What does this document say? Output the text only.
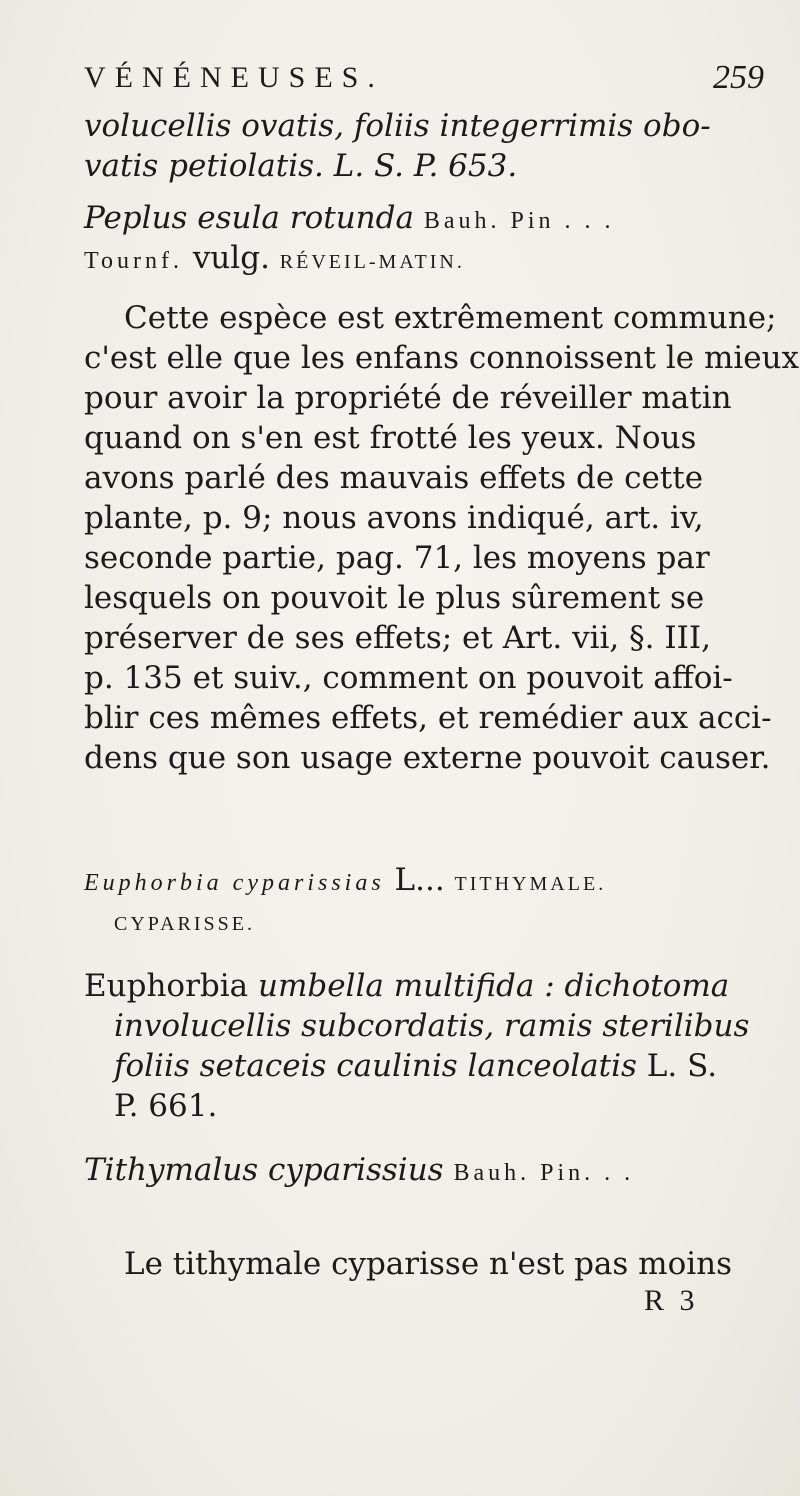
VÉNÉNEUSES.	259
volucellis ovatis, foliis integerrimis obo-
vatis petiolatis. L. S. P. 653.
Peplus esula rotunda Bauh. Pin . . .
Tournf. vulg. RÉVEIL-MATIN.
Cette espèce est extrêmement commune;
c'est elle que les enfans connoissent le mieux
pour avoir la propriété de réveiller matin
quand on s'en est frotté les yeux. Nous
avons parlé des mauvais effets de cette
plante, p. 9; nous avons indiqué, art. iv,
seconde partie, pag. 71, les moyens par
lesquels on pouvoit le plus sûrement se
préserver de ses effets; et Art. vii, §. III,
p. 135 et suiv., comment on pouvoit affoi-
blir ces mêmes effets, et remédier aux acci-
dens que son usage externe pouvoit causer.
Euphorbia cyparissias L... TITHYMALE.
CYPARISSE.
Euphorbia umbella multifida : dichotoma
involucellis subcordatis, ramis sterilibus
foliis setaceis caulinis lanceolatis L. S.
P. 661.
Tithymalus cyparissius Bauh. Pin. . .
Le tithymale cyparisse n'est pas moins
R 3
